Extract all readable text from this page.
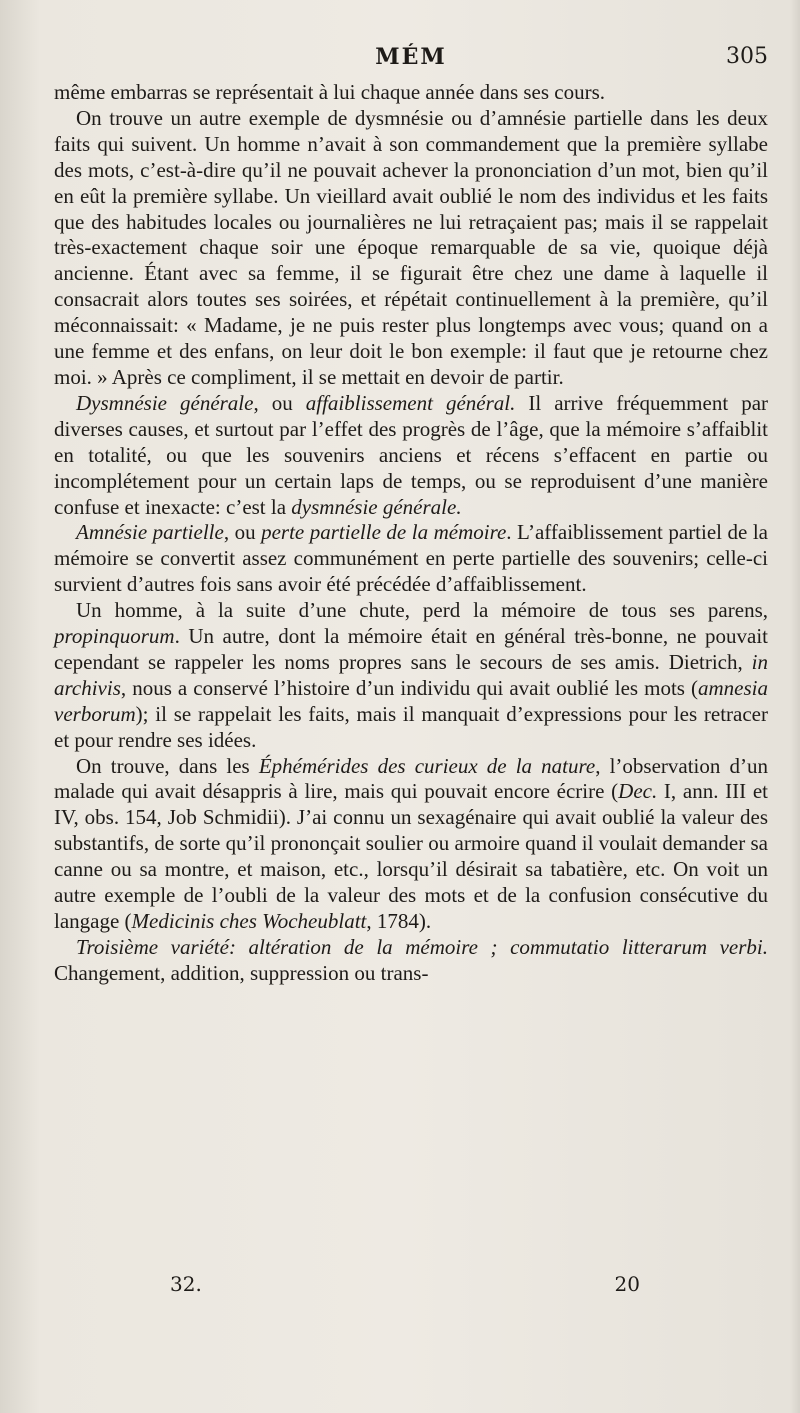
MÉM	305

même embarras se représentait à lui chaque année dans ses cours.

On trouve un autre exemple de dysmnésie ou d’amnésie partielle dans les deux faits qui suivent. Un homme n’avait à son commandement que la première syllabe des mots, c’est-à-dire qu’il ne pouvait achever la prononciation d’un mot, bien qu’il en eût la première syllabe. Un vieillard avait oublié le nom des individus et les faits que des habitudes locales ou journalières ne lui retraçaient pas; mais il se rappelait très-exactement chaque soir une époque remarquable de sa vie, quoique déjà ancienne. Étant avec sa femme, il se figurait être chez une dame à laquelle il consacrait alors toutes ses soirées, et répétait continuellement à la première, qu’il méconnaissait: « Madame, je ne puis rester plus longtemps avec vous; quand on a une femme et des enfans, on leur doit le bon exemple: il faut que je retourne chez moi. » Après ce compliment, il se mettait en devoir de partir.

Dysmnésie générale, ou affaiblissement général. Il arrive fréquemment par diverses causes, et surtout par l’effet des progrès de l’âge, que la mémoire s’affaiblit en totalité, ou que les souvenirs anciens et récens s’effacent en partie ou incomplétement pour un certain laps de temps, ou se reproduisent d’une manière confuse et inexacte: c’est la dysmnésie générale.

Amnésie partielle, ou perte partielle de la mémoire. L’affaiblissement partiel de la mémoire se convertit assez communément en perte partielle des souvenirs; celle-ci survient d’autres fois sans avoir été précédée d’affaiblissement.

Un homme, à la suite d’une chute, perd la mémoire de tous ses parens, propinquorum. Un autre, dont la mémoire était en général très-bonne, ne pouvait cependant se rappeler les noms propres sans le secours de ses amis. Dietrich, in archivis, nous a conservé l’histoire d’un individu qui avait oublié les mots (amnesia verborum); il se rappelait les faits, mais il manquait d’expressions pour les retracer et pour rendre ses idées.

On trouve, dans les Éphémérides des curieux de la nature, l’observation d’un malade qui avait désappris à lire, mais qui pouvait encore écrire (Dec. I, ann. III et IV, obs. 154, Job Schmidii). J’ai connu un sexagénaire qui avait oublié la valeur des substantifs, de sorte qu’il prononçait soulier ou armoire quand il voulait demander sa canne ou sa montre, et maison, etc., lorsqu’il désirait sa tabatière, etc. On voit un autre exemple de l’oubli de la valeur des mots et de la confusion consécutive du langage (Medicinis ches Wocheublatt, 1784).

Troisième variété: altération de la mémoire ; commutatio litterarum verbi. Changement, addition, suppression ou trans-

32.	20
